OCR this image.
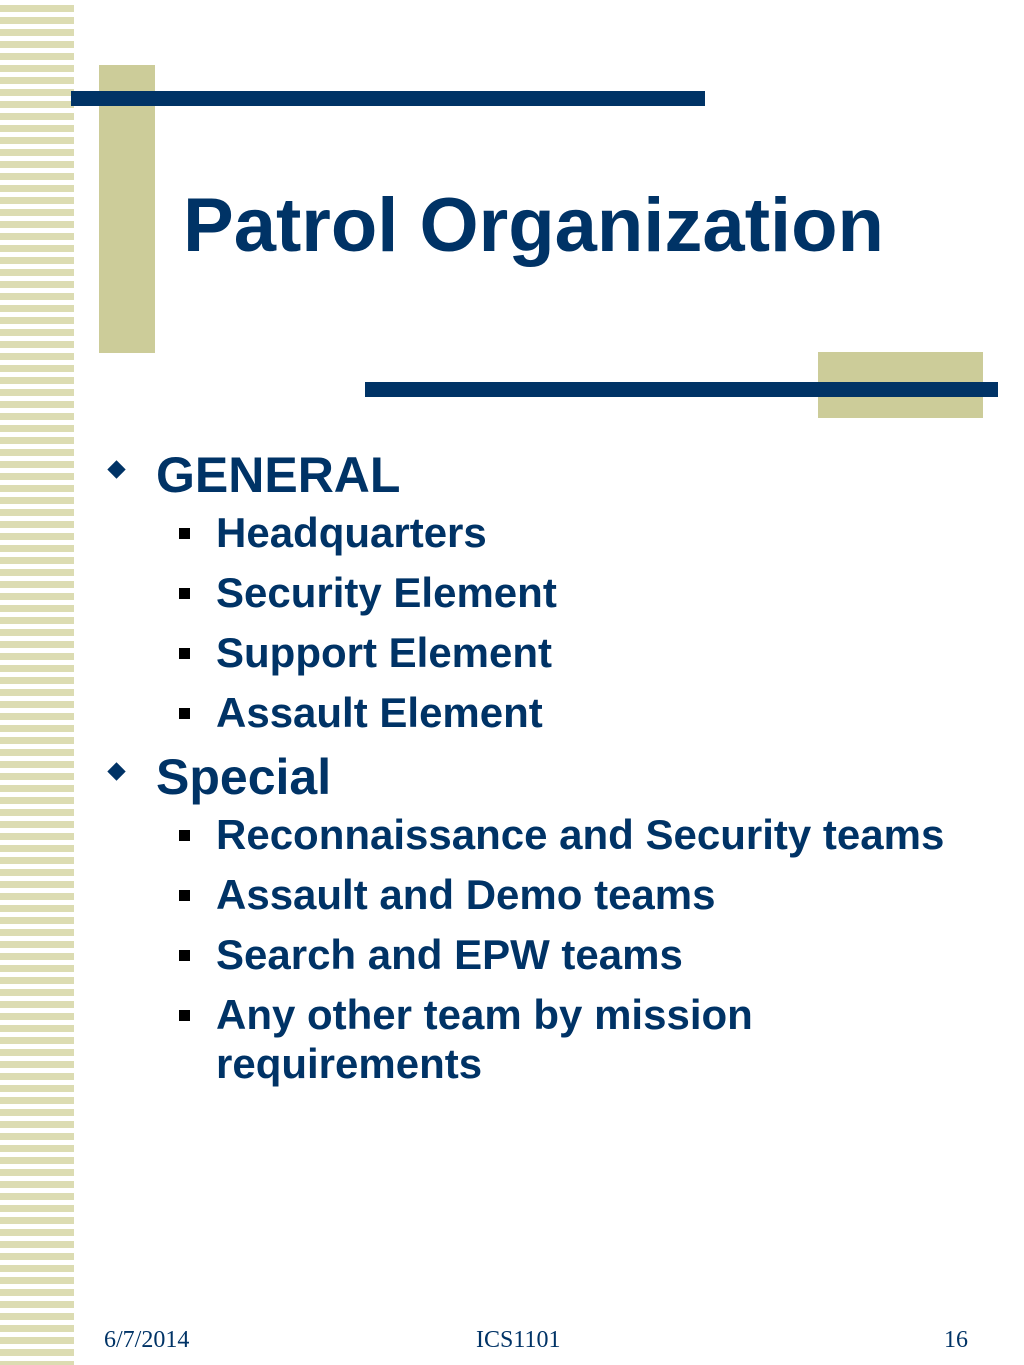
Patrol Organization
GENERAL
Headquarters
Security Element
Support Element
Assault Element
Special
Reconnaissance and Security teams
Assault and Demo teams
Search and EPW teams
Any other team by mission requirements
6/7/2014	ICS1101	16
